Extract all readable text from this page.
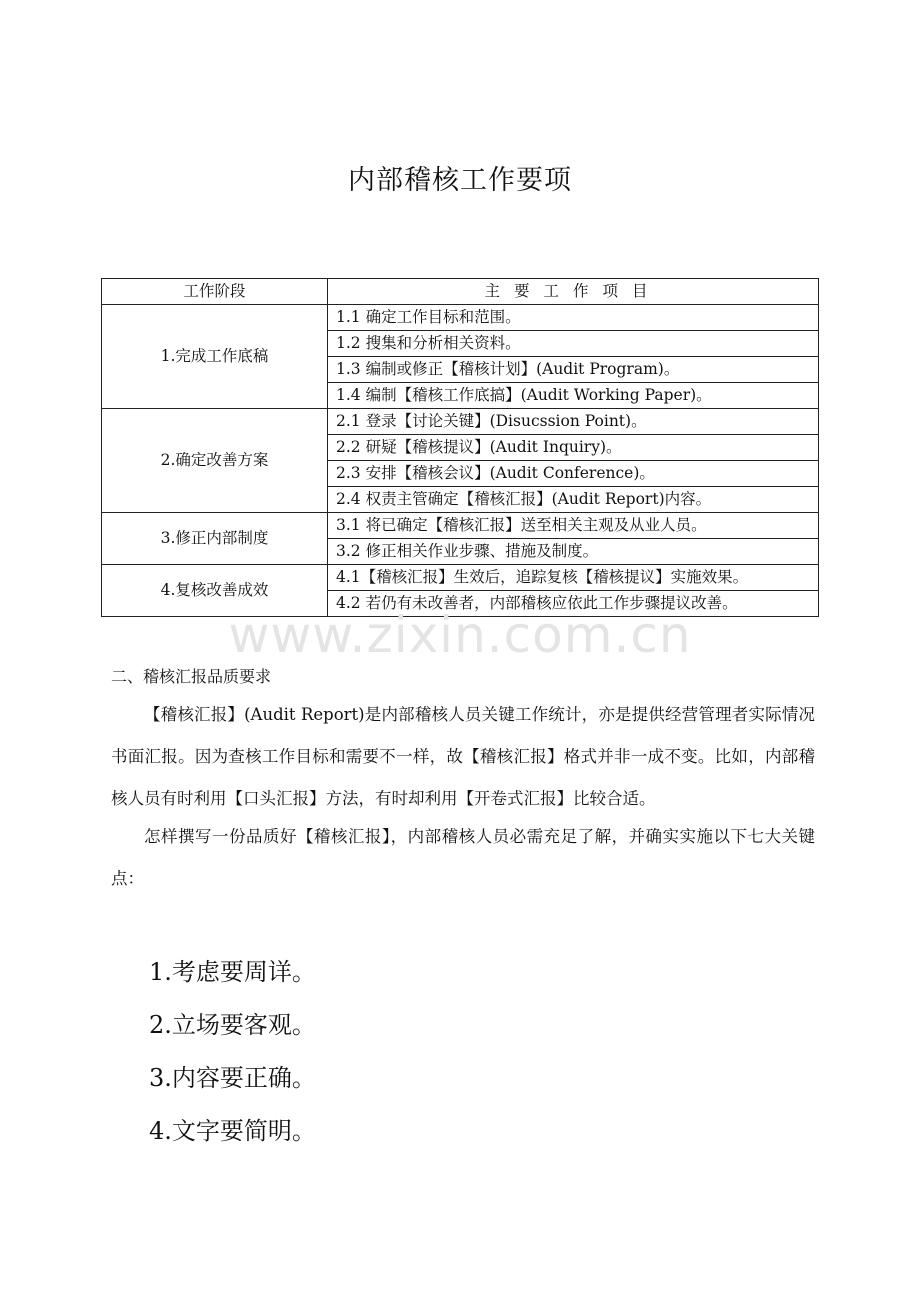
内部稽核工作要项
工作阶段	主要工作项目
1.完成工作底稿	1.1 确定工作目标和范围。
	1.2 搜集和分析相关资料。
	1.3 编制或修正【稽核计划】(Audit Program)。
	1.4 编制【稽核工作底搞】(Audit Working Paper)。
2.确定改善方案	2.1 登录【讨论关键】(Disucssion Point)。
	2.2 研疑【稽核提议】(Audit Inquiry)。
	2.3 安排【稽核会议】(Audit Conference)。
	2.4 权责主管确定【稽核汇报】(Audit Report)内容。
3.修正内部制度	3.1 将已确定【稽核汇报】送至相关主观及从业人员。
	3.2 修正相关作业步骤、措施及制度。
4.复核改善成效	4.1【稽核汇报】生效后，追踪复核【稽核提议】实施效果。
	4.2 若仍有未改善者，内部稽核应依此工作步骤提议改善。
www.zixin.com.cn
二、稽核汇报品质要求
【稽核汇报】(Audit Report)是内部稽核人员关键工作统计，亦是提供经营管理者实际情况书面汇报。因为查核工作目标和需要不一样，故【稽核汇报】格式并非一成不变。比如，内部稽核人员有时利用【口头汇报】方法，有时却利用【开卷式汇报】比较合适。
怎样撰写一份品质好【稽核汇报】，内部稽核人员必需充足了解，并确实实施以下七大关键点：
1.考虑要周详。
2.立场要客观。
3.内容要正确。
4.文字要简明。
